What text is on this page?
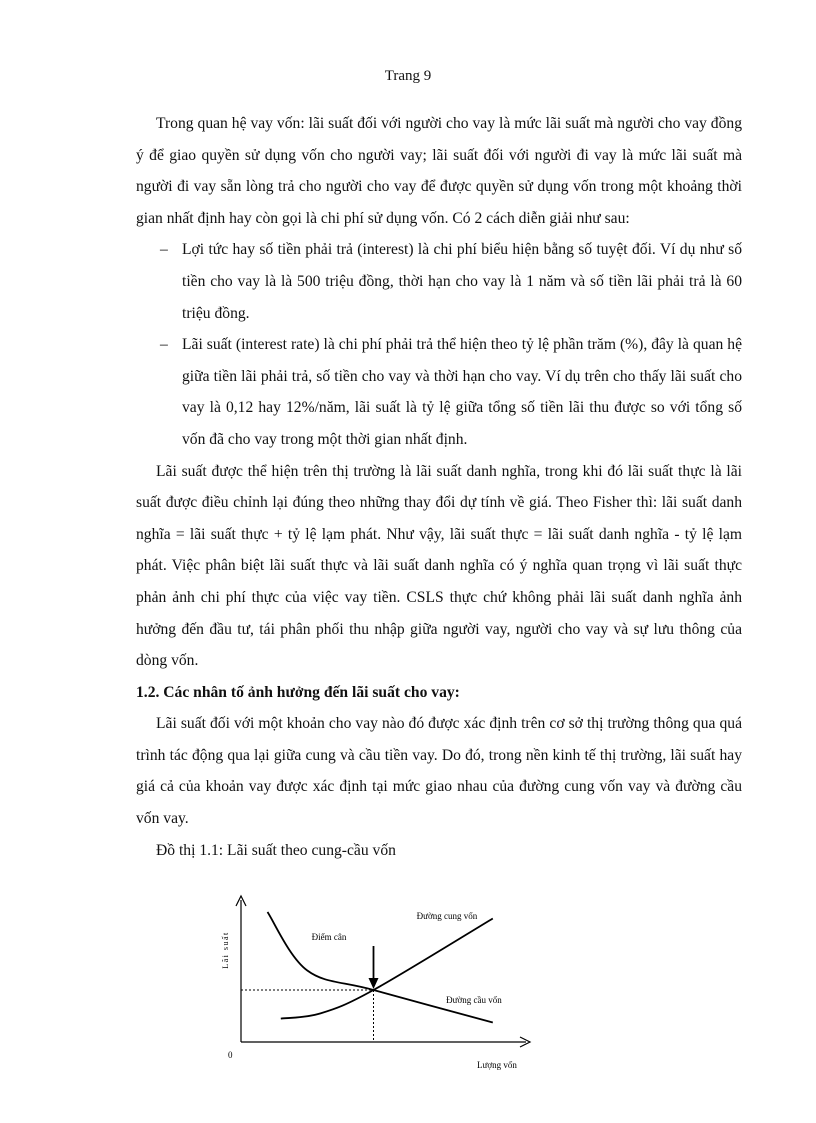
Trang 9

Trong quan hệ vay vốn: lãi suất đối với người cho vay là mức lãi suất mà người cho vay đồng ý để giao quyền sử dụng vốn cho người vay; lãi suất đối với người đi vay là mức lãi suất mà người đi vay sẵn lòng trả cho người cho vay để được quyền sử dụng vốn trong một khoảng thời gian nhất định hay còn gọi là chi phí sử dụng vốn. Có 2 cách diễn giải như sau:

– Lợi tức hay số tiền phải trả (interest) là chi phí biểu hiện bằng số tuyệt đối. Ví dụ như số tiền cho vay là là 500 triệu đồng, thời hạn cho vay là 1 năm và số tiền lãi phải trả là 60 triệu đồng.

– Lãi suất (interest rate) là chi phí phải trả thể hiện theo tỷ lệ phần trăm (%), đây là quan hệ giữa tiền lãi phải trả, số tiền cho vay và thời hạn cho vay. Ví dụ trên cho thấy lãi suất cho vay là 0,12 hay 12%/năm, lãi suất là tỷ lệ giữa tổng số tiền lãi thu được so với tổng số vốn đã cho vay trong một thời gian nhất định.

Lãi suất được thể hiện trên thị trường là lãi suất danh nghĩa, trong khi đó lãi suất thực là lãi suất được điều chỉnh lại đúng theo những thay đổi dự tính về giá. Theo Fisher thì: lãi suất danh nghĩa = lãi suất thực + tỷ lệ lạm phát. Như vậy, lãi suất thực = lãi suất danh nghĩa - tỷ lệ lạm phát. Việc phân biệt lãi suất thực và lãi suất danh nghĩa có ý nghĩa quan trọng vì lãi suất thực phản ảnh chi phí thực của việc vay tiền. CSLS thực chứ không phải lãi suất danh nghĩa ảnh hưởng đến đầu tư, tái phân phối thu nhập giữa người vay, người cho vay và sự lưu thông của dòng vốn.

1.2. Các nhân tố ảnh hưởng đến lãi suất cho vay:

Lãi suất đối với một khoản cho vay nào đó được xác định trên cơ sở thị trường thông qua quá trình tác động qua lại giữa cung và cầu tiền vay. Do đó, trong nền kinh tế thị trường, lãi suất hay giá cả của khoản vay được xác định tại mức giao nhau của đường cung vốn vay và đường cầu vốn vay.

Đồ thị 1.1: Lãi suất theo cung-cầu vốn

Lãi suất
0
Lượng vốn
Đường cung vốn
Đường cầu vốn
Điểm cân
